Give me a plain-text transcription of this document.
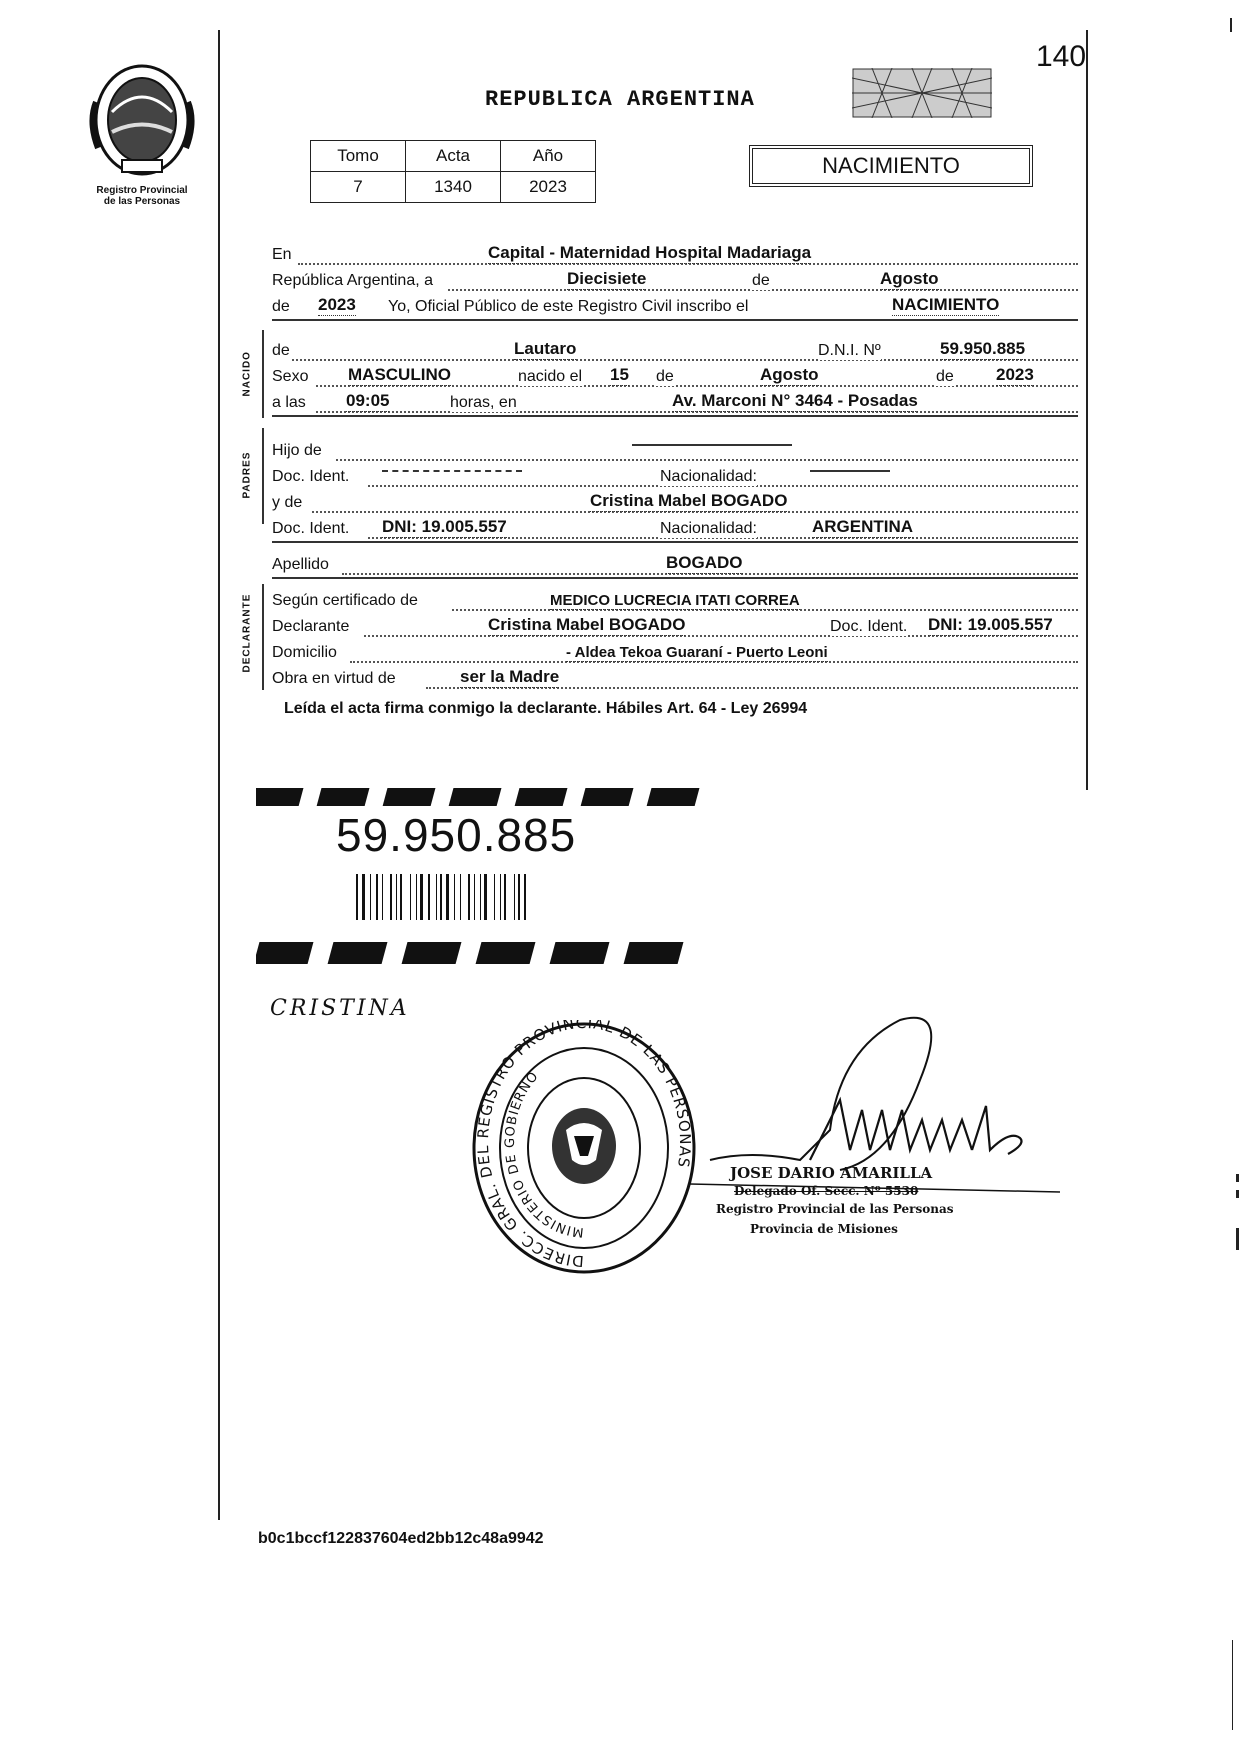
Registro Provincial
de las Personas
REPUBLICA ARGENTINA
140
Tomo	Acta	Año
7	1340	2023
NACIMIENTO
En	Capital - Maternidad Hospital Madariaga
República Argentina, a	Diecisiete	de	Agosto
de 2023 Yo, Oficial Público de este Registro Civil inscribo el	NACIMIENTO
NACIDO
de	Lautaro	D.N.I. Nº	59.950.885
Sexo MASCULINO	nacido el 15 de	Agosto	de 2023
a las 09:05	horas, en	Av. Marconi N° 3464 - Posadas
PADRES
Hijo de
Doc. Ident.	Nacionalidad:
y de	Cristina Mabel BOGADO
Doc. Ident. DNI: 19.005.557	Nacionalidad:	ARGENTINA
Apellido	BOGADO
DECLARANTE Según certificado de	MEDICO LUCRECIA ITATI CORREA
Declarante	Cristina Mabel BOGADO	Doc. Ident. DNI: 19.005.557
Domicilio	- Aldea Tekoa Guaraní - Puerto Leoni
Obra en virtud de	ser la Madre
Leída el acta firma conmigo la declarante. Hábiles Art. 64 - Ley 26994
59.950.885
CRISTINA
DIRECC. GRAL. DEL REGISTRO PROVINCIAL DE LAS PERSONAS
MINISTERIO DE GOBIERNO
JOSE DARIO AMARILLA
Delegado Of. Secc. Nº 5530
Registro Provincial de las Personas
Provincia de Misiones
b0c1bccf122837604ed2bb12c48a9942
